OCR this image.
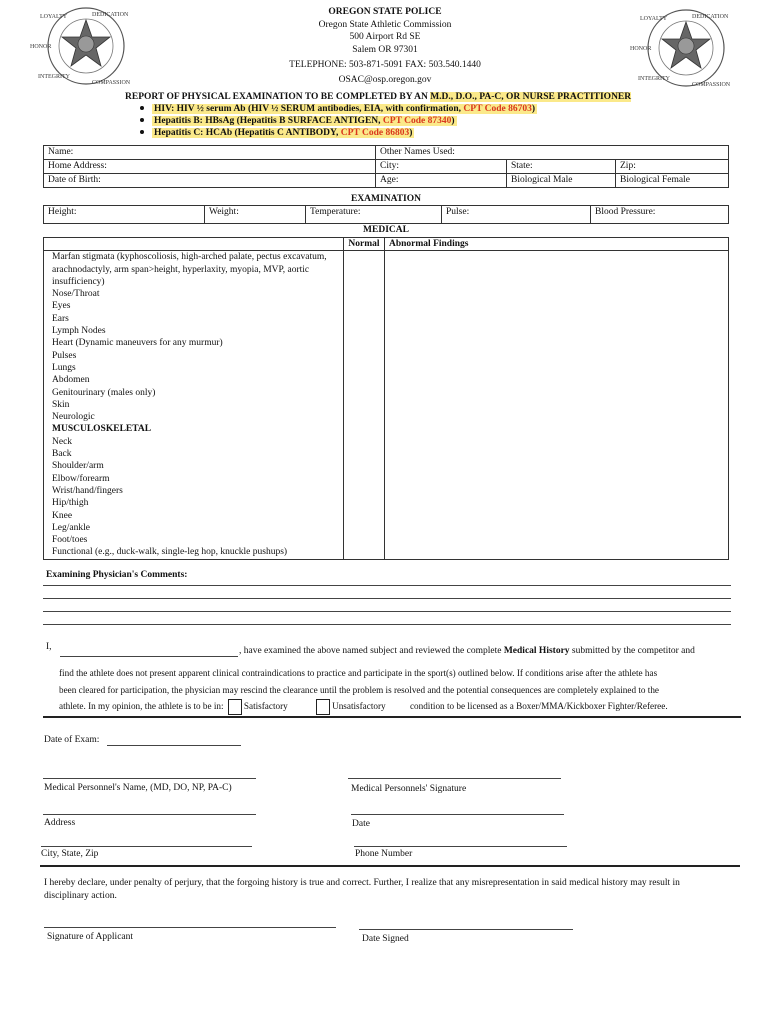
LOYALTY	DEDICATION
COMPASSION
INTEGRITY
HONOR
LOYALTY	DEDICATION
COMPASSION
INTEGRITY
HONOR
OREGON STATE POLICE
Oregon State Athletic Commission
500 Airport Rd SE
Salem OR 97301
TELEPHONE: 503-871-5091 FAX: 503.540.1440
OSAC@osp.oregon.gov
REPORT OF PHYSICAL EXAMINATION TO BE COMPLETED BY AN M.D., D.O., PA-C, OR NURSE PRACTITIONER
HIV: HIV ½ serum Ab (HIV ½ SERUM antibodies, EIA, with confirmation, CPT Code 86703)
Hepatitis B: HBsAg (Hepatitis B SURFACE ANTIGEN, CPT Code 87340)
Hepatitis C: HCAb (Hepatitis C ANTIBODY, CPT Code 86803)
Name:	Other Names Used:		
Home Address:	City:	State:	Zip:
Date of Birth:	Age:	Biological Male	Biological Female
EXAMINATION
Height:	Weight:	Temperature:	Pulse:	Blood Pressure:
MEDICAL
	Normal	Abnormal Findings
Marfan stigmata (kyphoscoliosis, high-arched palate, pectus excavatum, arachnodactyly, arm span>height, hyperlaxity, myopia, MVP, aortic insufficiency)		
Nose/Throat		
Eyes		
Ears		
Lymph Nodes		
Heart (Dynamic maneuvers for any murmur)		
Pulses		
Lungs		
Abdomen		
Genitourinary (males only)		
Skin		
Neurologic		
MUSCULOSKELETAL		
Neck		
Back		
Shoulder/arm		
Elbow/forearm		
Wrist/hand/fingers		
Hip/thigh		
Knee		
Leg/ankle		
Foot/toes		
Functional (e.g., duck-walk, single-leg hop, knuckle pushups)		
Examining Physician's Comments:
I,	, have examined the above named subject and reviewed the complete Medical History submitted by the competitor and
find the athlete does not present apparent clinical contraindications to practice and participate in the sport(s) outlined below. If conditions arise after the athlete has
been cleared for participation, the physician may rescind the clearance until the problem is resolved and the potential consequences are completely explained to the
athlete. In my opinion, the athlete is to be in: Satisfactory	Unsatisfactory	condition to be licensed as a Boxer/MMA/Kickboxer Fighter/Referee.
Date of Exam:
Medical Personnel's Name, (MD, DO, NP, PA-C)	Medical Personnels' Signature
Address	Date
City, State, Zip	Phone Number
I hereby declare, under penalty of perjury, that the forgoing history is true and correct. Further, I realize that any misrepresentation in said medical history may result in disciplinary action.
Signature of Applicant	Date Signed
